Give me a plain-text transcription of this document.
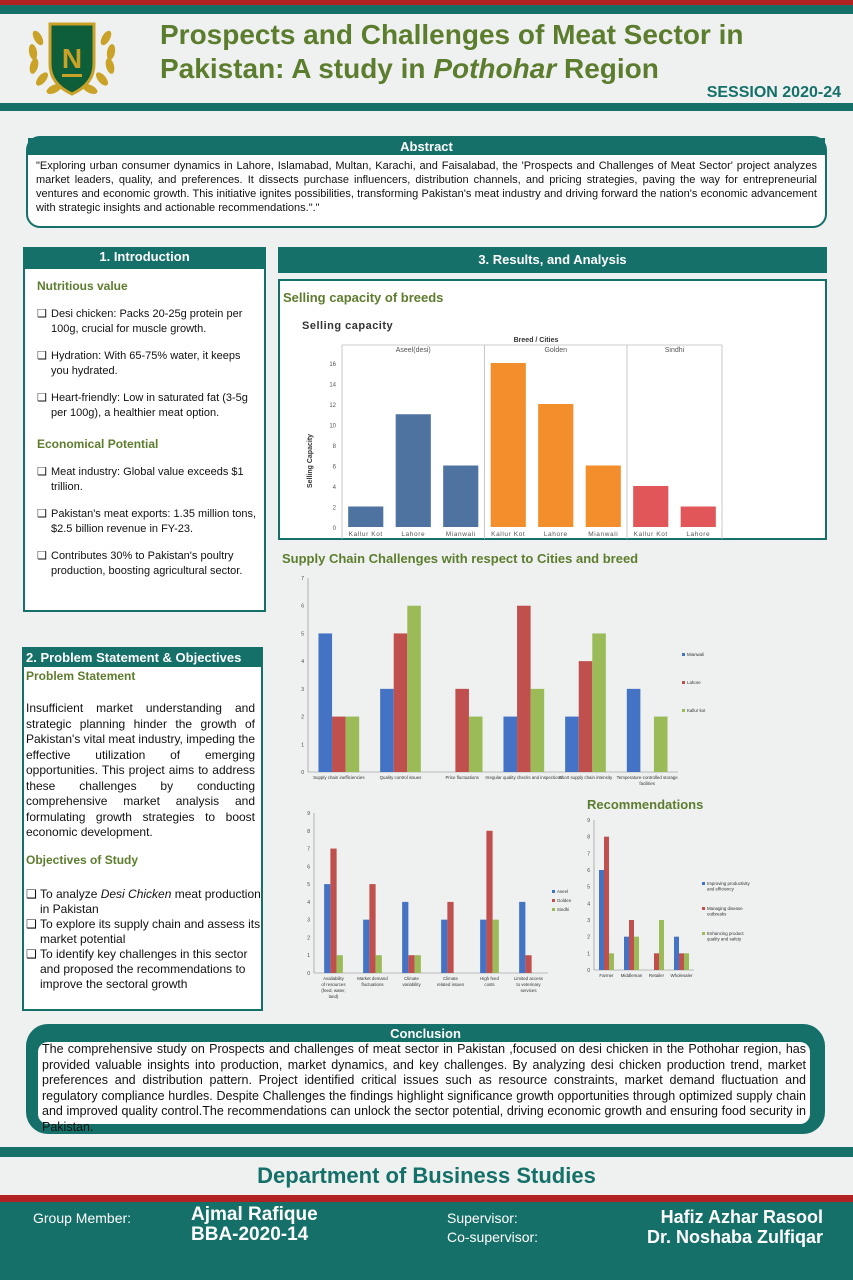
N
Prospects and Challenges of Meat Sector in
Pakistan: A study in Pothohar Region
SESSION 2020-24
Abstract
"Exploring urban consumer dynamics in Lahore, Islamabad, Multan, Karachi, and Faisalabad, the 'Prospects and Challenges of Meat Sector' project analyzes market leaders, quality, and preferences. It dissects purchase influencers, distribution channels, and pricing strategies, paving the way for entrepreneurial ventures and economic growth. This initiative ignites possibilities, transforming Pakistan's meat industry and driving forward the nation's economic advancement with strategic insights and actionable recommendations."."
1. Introduction
Nutritious value
❑ Desi chicken: Packs 20-25g protein per 100g, crucial for muscle growth.
❑ Hydration: With 65-75% water, it keeps you hydrated.
❑ Heart-friendly: Low in saturated fat (3-5g per 100g), a healthier meat option.
Economical Potential
❑ Meat industry: Global value exceeds $1 trillion.
❑ Pakistan's meat exports: 1.35 million tons, $2.5 billion revenue in FY-23.
❑ Contributes 30% to Pakistan's poultry production, boosting agricultural sector.
2. Problem Statement & Objectives
Problem Statement
Insufficient market understanding and strategic planning hinder the growth of Pakistan's vital meat industry, impeding the effective utilization of emerging opportunities. This project aims to address these challenges by conducting comprehensive market analysis and formulating growth strategies to boost economic development.
Objectives of Study
❑ To analyze Desi Chicken meat production in Pakistan
❑ To explore its supply chain and assess its market potential
❑ To identify key challenges in this sector and proposed the recommendations to improve the sectoral growth
3. Results, and Analysis
Selling capacity of breeds
Supply Chain Challenges with respect to Cities and breed
Recommendations
Selling capacity
Breed / Cities
Selling Capacity
0
2
4
6
8
10
12
14
16
Aseel(desi)
Kallur Kot	Lahore	Mianwali
Golden
Kallur Kot	Lahore	Mianwali
Sindhi
Kallur Kot	Lahore
0
1
2
3
4
5
6
7
Supply chain inefficiencies	Quality control issues	Price fluctuations Irregular quality checks and inspections
Short supply chain intensity Temperature-controlled storage
facilities
Mianwali
Lahore
Kallur kot
0
1
2
3
4
5
6
7
8
9
Availability
of resources
(feed, water,
land)
Market demand
fluctuations
Climate
variability
Climate
related issues
High feed
costs
Limited access
to veterinary
services
Aseel
Golden
Sindhi
0
1
2
3
4
5
6
7
8
9
Farmer Middleman Retailer Wholesaler
Improving productivity
and efficiency
Managing disease
outbreaks
Enhancing product
quality and safety
Conclusion
The comprehensive study on Prospects and challenges of meat sector in Pakistan ,focused on desi chicken in the Pothohar region, has provided valuable insights into production, market dynamics, and key challenges. By analyzing desi chicken production trend, market preferences and distribution pattern. Project identified critical issues such as resource constraints, market demand fluctuation and regulatory compliance hurdles. Despite Challenges the findings highlight significance growth opportunities through optimized supply chain and improved quality control.The recommendations can unlock the sector potential, driving economic growth and ensuring food security in Pakistan.
Department of Business Studies
Group Member:	Ajmal Rafique
BBA-2020-14
Supervisor:
Co-supervisor:
Hafiz Azhar Rasool
Dr. Noshaba Zulfiqar
